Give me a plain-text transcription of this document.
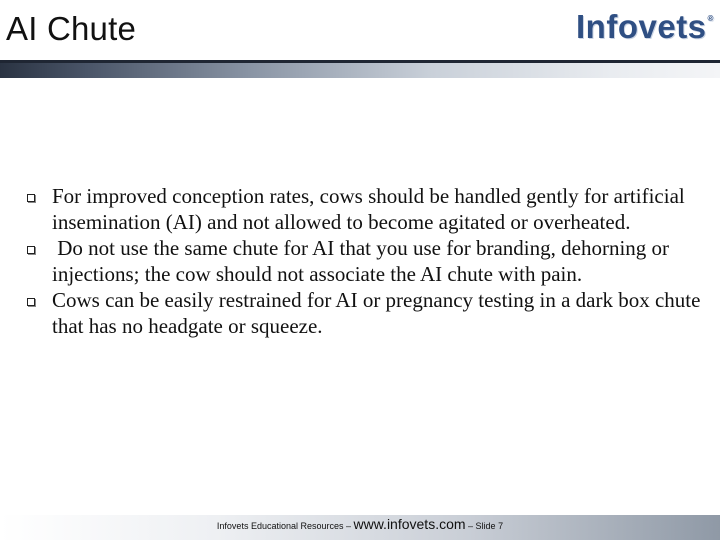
AI Chute	Infovets®
For improved conception rates, cows should be handled gently for artificial insemination (AI) and not allowed to become agitated or overheated.
Do not use the same chute for AI that you use for branding, dehorning or injections; the cow should not associate the AI chute with pain.
Cows can be easily restrained for AI or pregnancy testing in a dark box chute that has no headgate or squeeze.
Infovets Educational Resources – www.infovets.com – Slide 7
